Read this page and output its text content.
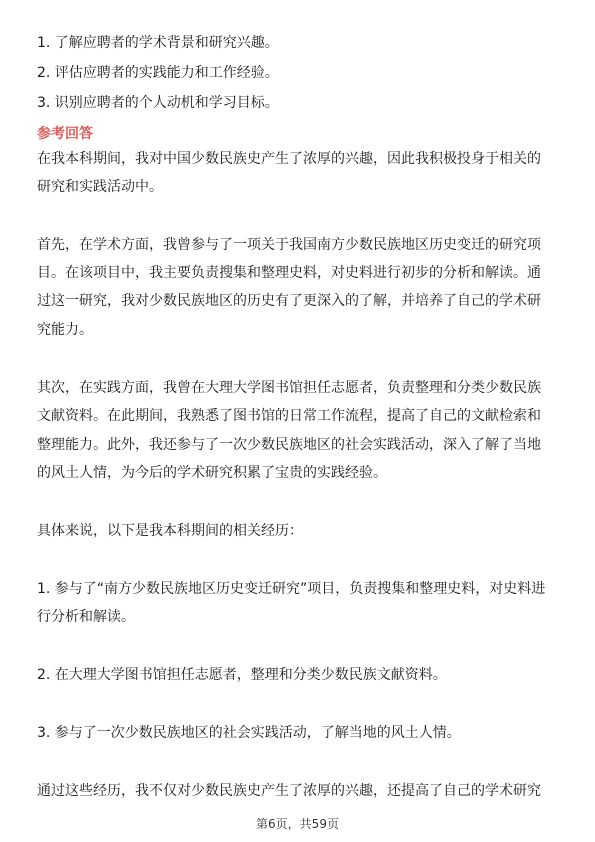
1. 了解应聘者的学术背景和研究兴趣。
2. 评估应聘者的实践能力和工作经验。
3. 识别应聘者的个人动机和学习目标。
参考回答
在我本科期间，我对中国少数民族史产生了浓厚的兴趣，因此我积极投身于相关的
研究和实践活动中。
首先，在学术方面，我曾参与了一项关于我国南方少数民族地区历史变迁的研究项
目。在该项目中，我主要负责搜集和整理史料，对史料进行初步的分析和解读。通
过这一研究，我对少数民族地区的历史有了更深入的了解，并培养了自己的学术研
究能力。
其次，在实践方面，我曾在大理大学图书馆担任志愿者，负责整理和分类少数民族
文献资料。在此期间，我熟悉了图书馆的日常工作流程，提高了自己的文献检索和
整理能力。此外，我还参与了一次少数民族地区的社会实践活动，深入了解了当地
的风土人情，为今后的学术研究积累了宝贵的实践经验。
具体来说，以下是我本科期间的相关经历：
1. 参与了“南方少数民族地区历史变迁研究”项目，负责搜集和整理史料，对史料进
行分析和解读。
2. 在大理大学图书馆担任志愿者，整理和分类少数民族文献资料。
3. 参与了一次少数民族地区的社会实践活动，了解当地的风土人情。
通过这些经历，我不仅对少数民族史产生了浓厚的兴趣，还提高了自己的学术研究
第6页，共59页
